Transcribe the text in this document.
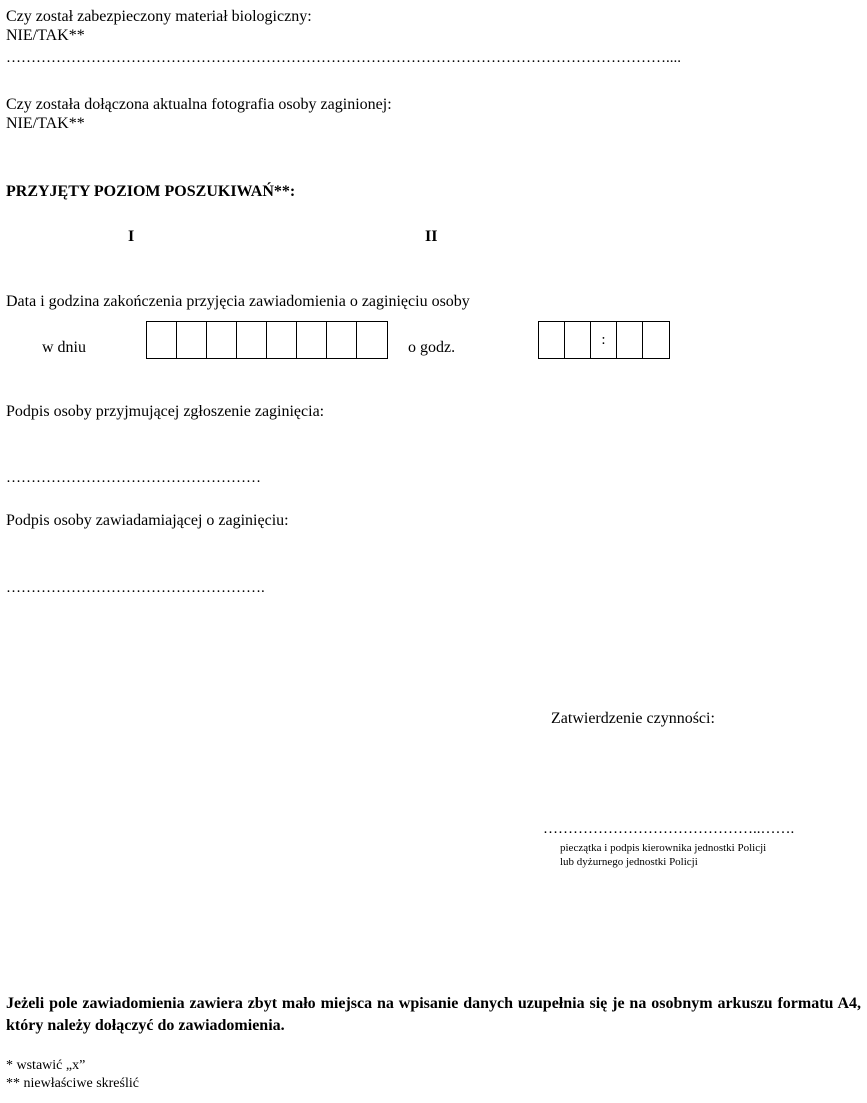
Czy został zabezpieczony materiał biologiczny:
NIE/TAK**
……………………………………………………………………………………………………………………....
Czy została dołączona aktualna fotografia osoby zaginionej:
NIE/TAK**
PRZYJĘTY POZIOM POSZUKIWAŃ**:
I	II
Data i godzina zakończenia przyjęcia zawiadomienia o zaginięciu osoby
w dniu	o godz.	:
Podpis osoby przyjmującej zgłoszenie zaginięcia:
……………………………………………
Podpis osoby zawiadamiającej o zaginięciu:
…………………………………………….
Zatwierdzenie czynności:
……………………………………..…….
pieczątka i podpis kierownika jednostki Policji
lub dyżurnego jednostki Policji
Jeżeli pole zawiadomienia zawiera zbyt mało miejsca na wpisanie danych uzupełnia się je na osobnym arkuszu formatu A4, który należy dołączyć do zawiadomienia.
* wstawić „x”
** niewłaściwe skreślić
